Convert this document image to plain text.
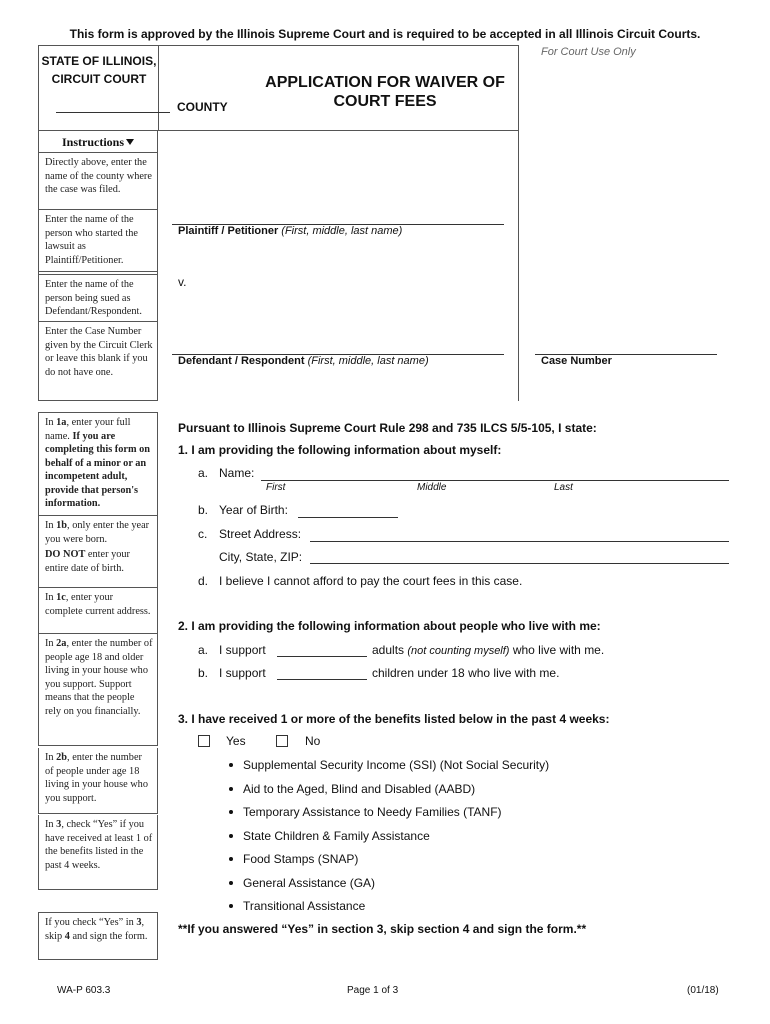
This form is approved by the Illinois Supreme Court and is required to be accepted in all Illinois Circuit Courts.
STATE OF ILLINOIS,
CIRCUIT COURT
COUNTY
APPLICATION FOR WAIVER OF
COURT FEES
For Court Use Only
Instructions

Directly above, enter the name of the county where the case was filed.

Enter the name of the person who started the lawsuit as Plaintiff/Petitioner.

Enter the name of the person being sued as Defendant/Respondent.

Enter the Case Number given by the Circuit Clerk or leave this blank if you do not have one.

In 1a, enter your full name. If you are completing this form on behalf of a minor or an incompetent adult, provide that person's information.

In 1b, only enter the year you were born.

DO NOT enter your entire date of birth.

In 1c, enter your complete current address.

In 2a, enter the number of people age 18 and older living in your house who you support. Support means that the people rely on you financially.

In 2b, enter the number of people under age 18 living in your house who you support.

In 3, check “Yes” if you have received at least 1 of the benefits listed in the past 4 weeks.

If you check “Yes” in 3, skip 4 and sign the form.

Plaintiff / Petitioner (First, middle, last name)
v.
Defendant / Respondent (First, middle, last name)	Case Number
Pursuant to Illinois Supreme Court Rule 298 and 735 ILCS 5/5-105, I state:
1. I am providing the following information about myself:
a. Name:
First	Middle	Last
b. Year of Birth:
c. Street Address:
City, State, ZIP:
d. I believe I cannot afford to pay the court fees in this case.
2. I am providing the following information about people who live with me:
a. I support	adults (not counting myself) who live with me.
b. I support	children under 18 who live with me.
3. I have received 1 or more of the benefits listed below in the past 4 weeks:
Yes	No
Supplemental Security Income (SSI) (Not Social Security)
Aid to the Aged, Blind and Disabled (AABD)
Temporary Assistance to Needy Families (TANF)
State Children & Family Assistance
Food Stamps (SNAP)
General Assistance (GA)
Transitional Assistance
**If you answered “Yes” in section 3, skip section 4 and sign the form.**
WA-P 603.3	Page 1 of 3	(01/18)
